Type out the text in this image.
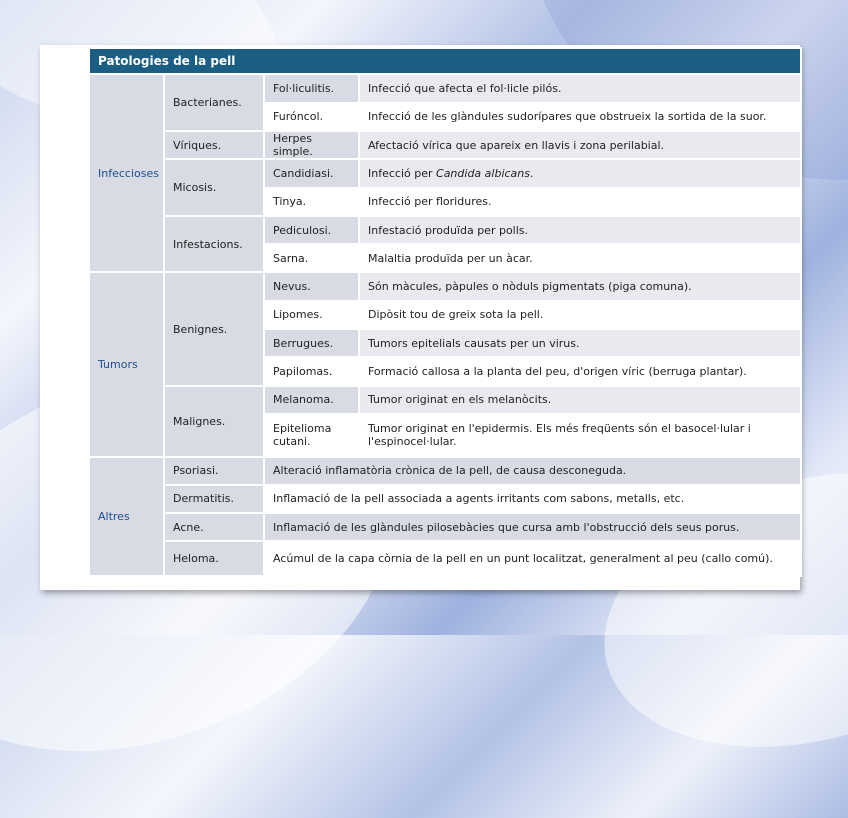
Patologies de la pell			
Infeccioses	Bacterianes.	Fol·liculitis.	Infecció que afecta el fol·licle pilós.
		Furóncol.	Infecció de les glàndules sudorípares que obstrueix la sortida de la suor.
	Víriques.	Herpes simple.	Afectació vírica que apareix en llavis i zona perilabial.
	Micosis.	Candidiasi.	Infecció per Candida albicans.
		Tinya.	Infecció per floridures.
	Infestacions.	Pediculosi.	Infestació produïda per polls.
		Sarna.	Malaltia produïda per un àcar.
Tumors	Benignes.	Nevus.	Són màcules, pàpules o nòduls pigmentats (piga comuna).
		Lipomes.	Dipòsit tou de greix sota la pell.
		Berrugues.	Tumors epitelials causats per un virus.
		Papilomas.	Formació callosa a la planta del peu, d'origen víric (berruga plantar).
	Malignes.	Melanoma.	Tumor originat en els melanòcits.
		Epitelioma cutani.	Tumor originat en l'epidermis. Els més freqüents són el basocel·lular i l'espinocel·lular.
Altres	Psoriasi.	Alteració inflamatòria crònica de la pell, de causa desconeguda.	
	Dermatitis.	Inflamació de la pell associada a agents irritants com sabons, metalls, etc.	
	Acne.	Inflamació de les glàndules pilosebàcies que cursa amb l'obstrucció dels seus porus.	
	Heloma.	Acúmul de la capa còrnia de la pell en un punt localitzat, generalment al peu (callo comú).	
